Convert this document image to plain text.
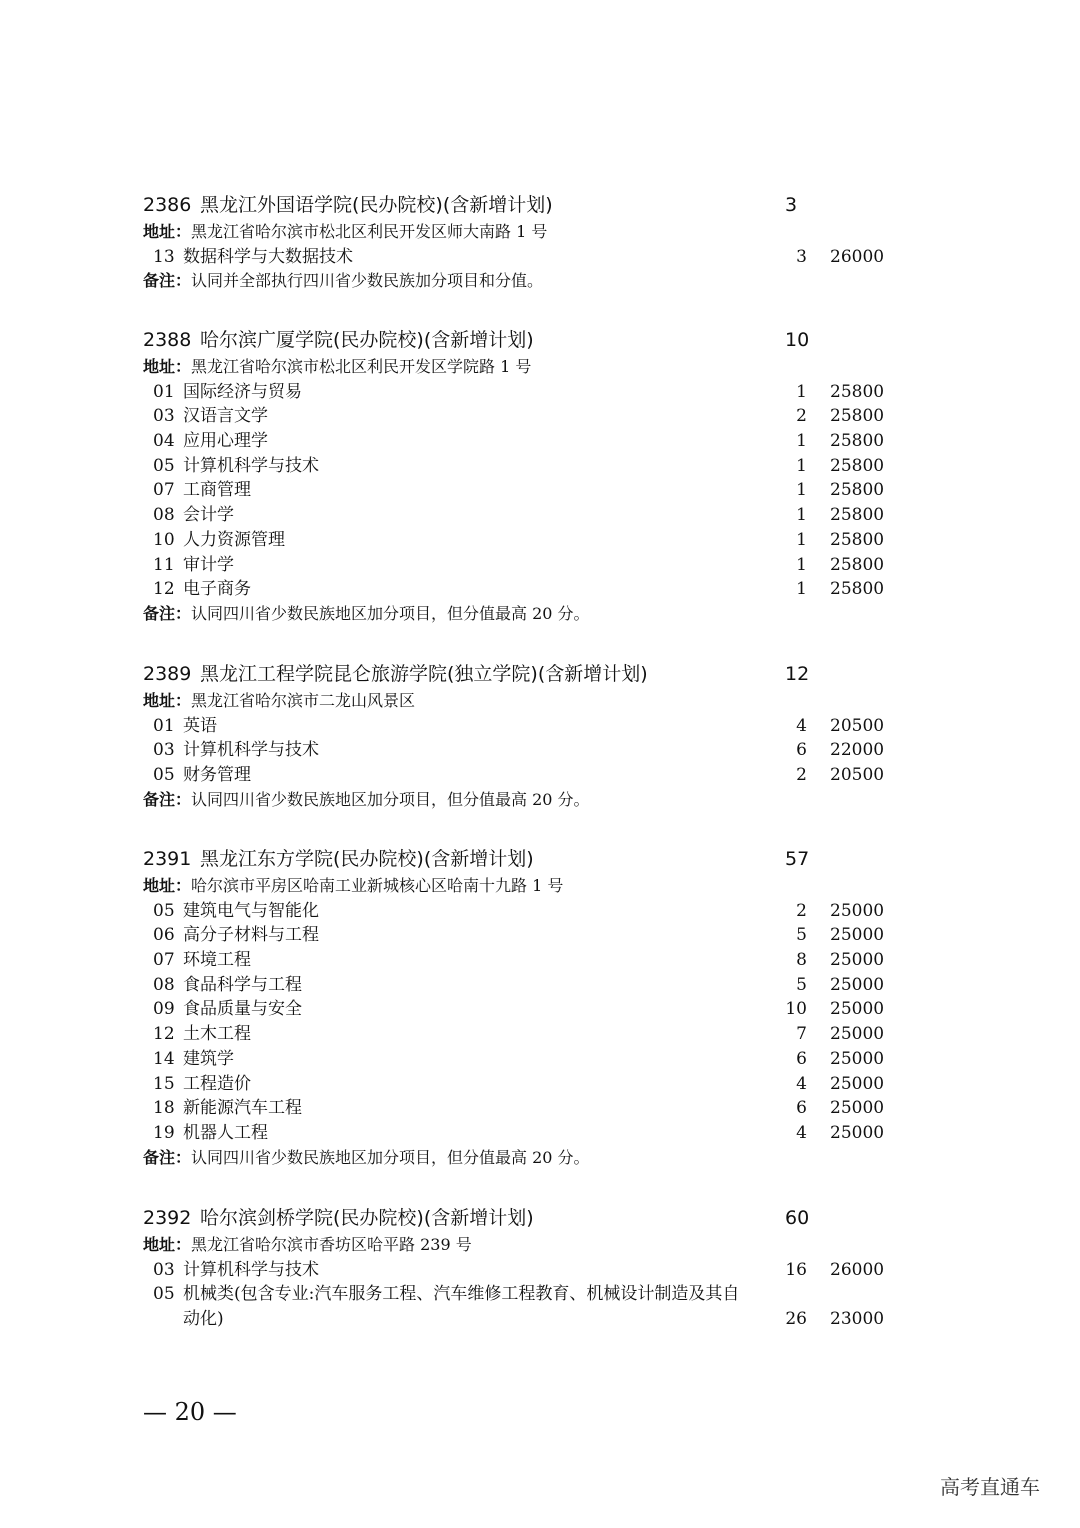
2386 黑龙江外国语学院(民办院校)(含新增计划)	3
地址：黑龙江省哈尔滨市松北区利民开发区师大南路 1 号
13 数据科学与大数据技术	3 26000
备注：认同并全部执行四川省少数民族加分项目和分值。
2388 哈尔滨广厦学院(民办院校)(含新增计划)	10
地址：黑龙江省哈尔滨市松北区利民开发区学院路 1 号
01 国际经济与贸易	1 25800
03 汉语言文学	2 25800
04 应用心理学	1 25800
05 计算机科学与技术	1 25800
07 工商管理	1 25800
08 会计学	1 25800
10 人力资源管理	1 25800
11 审计学	1 25800
12 电子商务	1 25800
备注：认同四川省少数民族地区加分项目，但分值最高 20 分。
2389 黑龙江工程学院昆仑旅游学院(独立学院)(含新增计划)	12
地址：黑龙江省哈尔滨市二龙山风景区
01 英语	4 20500
03 计算机科学与技术	6 22000
05 财务管理	2 20500
备注：认同四川省少数民族地区加分项目，但分值最高 20 分。
2391 黑龙江东方学院(民办院校)(含新增计划)	57
地址：哈尔滨市平房区哈南工业新城核心区哈南十九路 1 号
05 建筑电气与智能化	2 25000
06 高分子材料与工程	5 25000
07 环境工程	8 25000
08 食品科学与工程	5 25000
09 食品质量与安全	10 25000
12 土木工程	7 25000
14 建筑学	6 25000
15 工程造价	4 25000
18 新能源汽车工程	6 25000
19 机器人工程	4 25000
备注：认同四川省少数民族地区加分项目，但分值最高 20 分。
2392 哈尔滨剑桥学院(民办院校)(含新增计划)	60
地址：黑龙江省哈尔滨市香坊区哈平路 239 号
03 计算机科学与技术	16 26000
05 机械类(包含专业:汽车服务工程、汽车维修工程教育、机械设计制造及其自动化)	26 23000
— 20 —
高考直通车
